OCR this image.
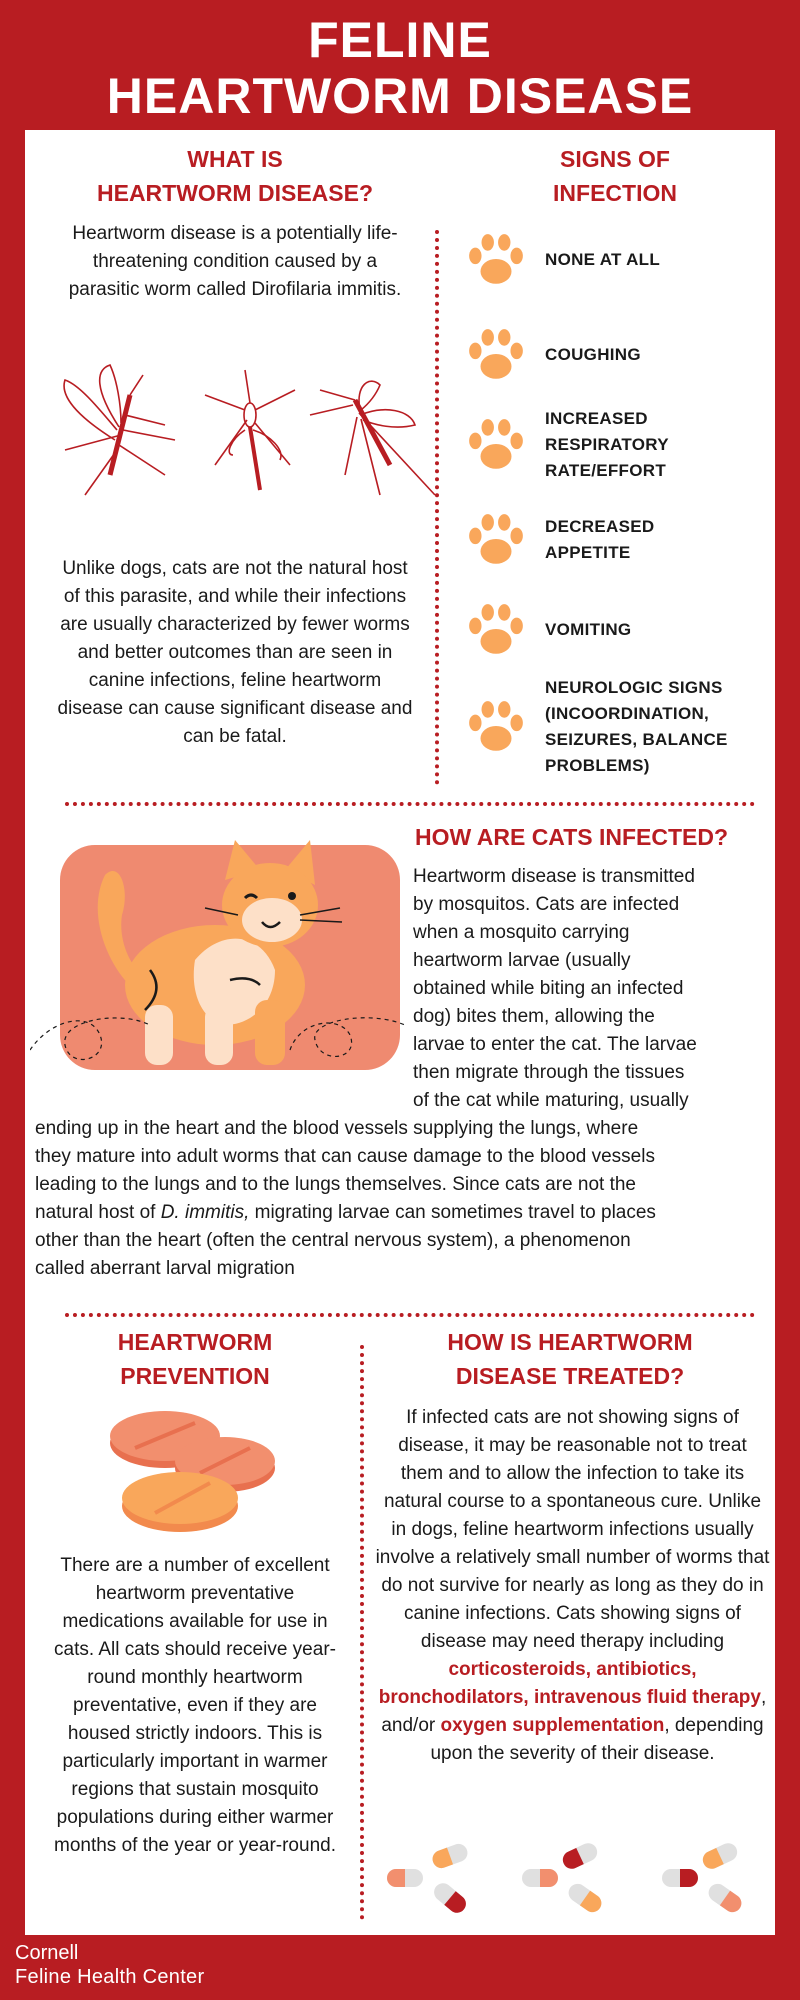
FELINE
HEARTWORM DISEASE
WHAT IS
HEARTWORM DISEASE?
Heartworm disease is a potentially life-threatening condition caused by a parasitic worm called Dirofilaria immitis.
Unlike dogs, cats are not the natural host of this parasite, and while their infections are usually characterized by fewer worms and better outcomes than are seen in canine infections, feline heartworm disease can cause significant disease and can be fatal.
SIGNS OF
INFECTION
NONE AT ALL
COUGHING
INCREASED
RESPIRATORY
RATE/EFFORT
DECREASED
APPETITE
VOMITING
NEUROLOGIC SIGNS
(INCOORDINATION,
SEIZURES, BALANCE
PROBLEMS)
HOW ARE CATS INFECTED?
Heartworm disease is transmitted
by mosquitos. Cats are infected
when a mosquito carrying
heartworm larvae (usually
obtained while biting an infected
dog) bites them, allowing the
larvae to enter the cat. The larvae
then migrate through the tissues
of the cat while maturing, usually
ending up in the heart and the blood vessels supplying the lungs, where
they mature into adult worms that can cause damage to the blood vessels
leading to the lungs and to the lungs themselves. Since cats are not the
natural host of D. immitis, migrating larvae can sometimes travel to places
other than the heart (often the central nervous system), a phenomenon
called aberrant larval migration
HEARTWORM
PREVENTION
There are a number of excellent heartworm preventative medications available for use in cats. All cats should receive year-round monthly heartworm preventative, even if they are housed strictly indoors. This is particularly important in warmer regions that sustain mosquito populations during either warmer months of the year or year-round.
HOW IS HEARTWORM
DISEASE TREATED?
If infected cats are not showing signs of disease, it may be reasonable not to treat them and to allow the infection to take its natural course to a spontaneous cure. Unlike in dogs, feline heartworm infections usually involve a relatively small number of worms that do not survive for nearly as long as they do in canine infections. Cats showing signs of disease may need therapy including corticosteroids, antibiotics, bronchodilators, intravenous fluid therapy, and/or oxygen supplementation, depending upon the severity of their disease.
Cornell
Feline Health Center
